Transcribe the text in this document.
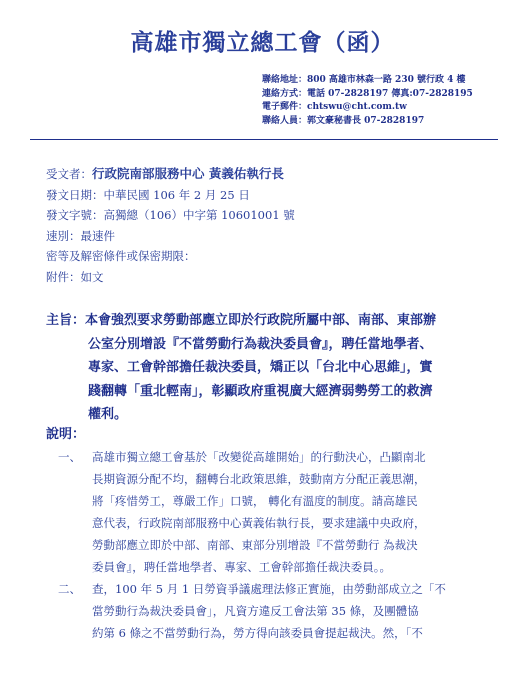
高雄市獨立總工會（函）
聯絡地址：800 高雄市林森一路 230 號行政 4 樓
連絡方式：電話 07-2828197 傳真:07-2828195
電子郵件：chtswu@cht.com.tw
聯絡人員：郭文豪秘書長 07-2828197
受文者：行政院南部服務中心 黃義佑執行長
發文日期：中華民國 106 年 2 月 25 日
發文字號：高獨總（106）中字第 10601001 號
速別：最速件
密等及解密條件或保密期限：
附件：如文
主旨：本會強烈要求勞動部應立即於行政院所屬中部、南部、東部辦
公室分別增設『不當勞動行為裁決委員會』，聘任當地學者、
專家、工會幹部擔任裁決委員，矯正以「台北中心思維」，實
踐翻轉「重北輕南」，彰顯政府重視廣大經濟弱勢勞工的救濟
權利。
說明：
一、 高雄市獨立總工會基於「改變從高雄開始」的行動決心，凸顯南北
長期資源分配不均，翻轉台北政策思維，鼓動南方分配正義思潮，
將「疼惜勞工，尊嚴工作」口號， 轉化有溫度的制度。請高雄民
意代表，行政院南部服務中心黃義佑執行長，要求建議中央政府，
勞動部應立即於中部、南部、東部分別增設『不當勞動行 為裁決
委員會』，聘任當地學者、專家、工會幹部擔任裁決委員。。
二、 查，100 年 5 月 1 日勞資爭議處理法修正實施，由勞動部成立之「不
當勞動行為裁決委員會」，凡資方違反工會法第 35 條，及團體協
約第 6 條之不當勞動行為，勞方得向該委員會提起裁決。然，「不
